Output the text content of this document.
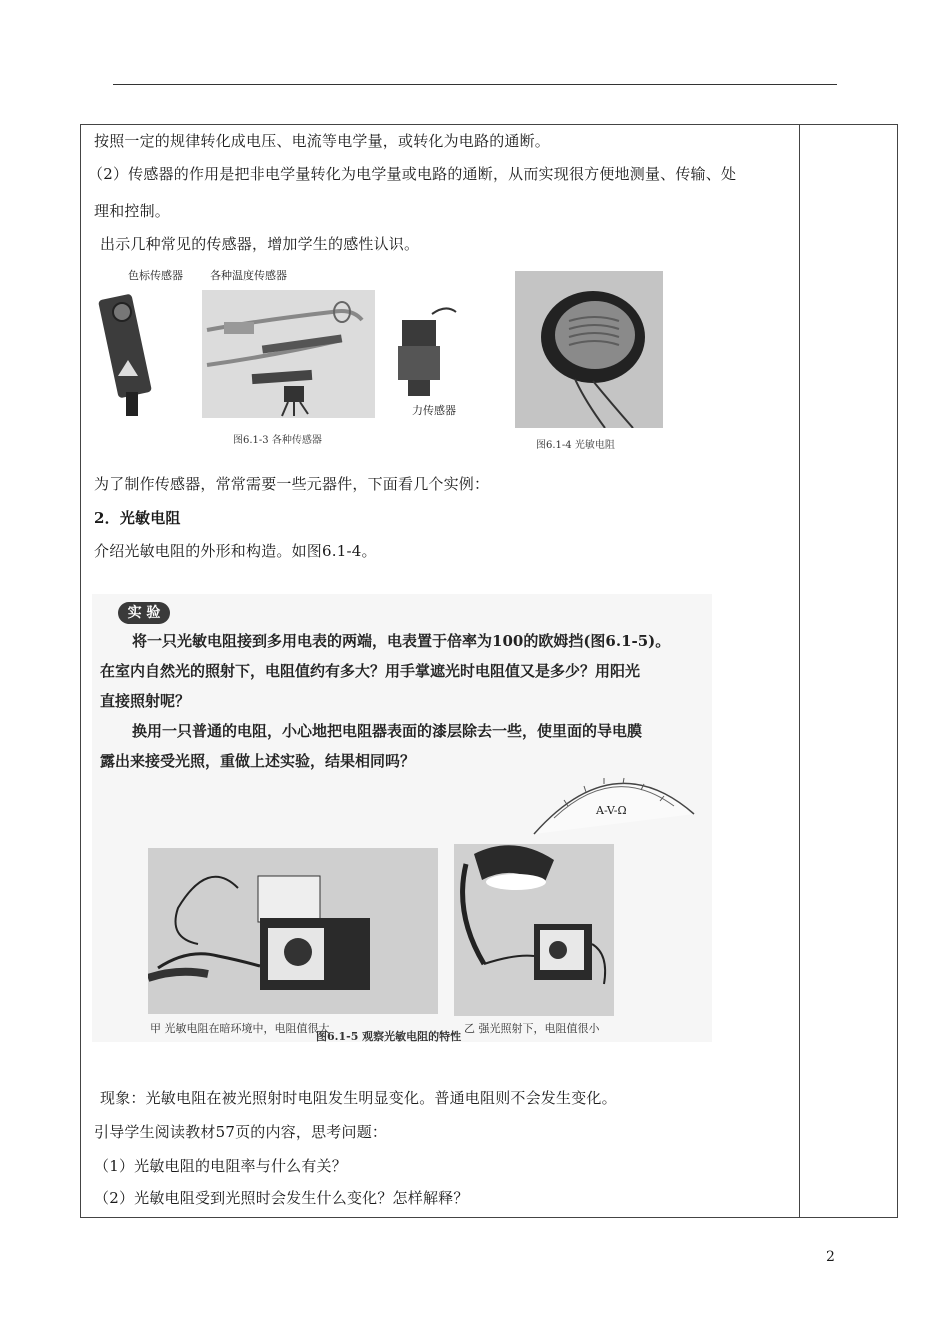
按照一定的规律转化成电压、电流等电学量，或转化为电路的通断。
（2）传感器的作用是把非电学量转化为电学量或电路的通断，从而实现很方便地测量、传输、处
理和控制。
出示几种常见的传感器，增加学生的感性认识。
色标传感器 各种温度传感器
力传感器
图6.1-3 各种传感器	图6.1-4 光敏电阻
为了制作传感器，常常需要一些元器件，下面看几个实例：
2．光敏电阻
介绍光敏电阻的外形和构造。如图6.1-4。
实 验
将一只光敏电阻接到多用电表的两端，电表置于倍率为100的欧姆挡(图6.1-5)。
在室内自然光的照射下，电阻值约有多大？用手掌遮光时电阻值又是多少？用阳光
直接照射呢？
换用一只普通的电阻，小心地把电阻器表面的漆层除去一些，使里面的导电膜
露出来接受光照，重做上述实验，结果相同吗？
A-V-Ω
甲 光敏电阻在暗环境中，电阻值很大	乙 强光照射下，电阻值很小
图6.1-5 观察光敏电阻的特性
现象：光敏电阻在被光照射时电阻发生明显变化。普通电阻则不会发生变化。
引导学生阅读教材57页的内容，思考问题：
（1）光敏电阻的电阻率与什么有关？
（2）光敏电阻受到光照时会发生什么变化？怎样解释？
2
